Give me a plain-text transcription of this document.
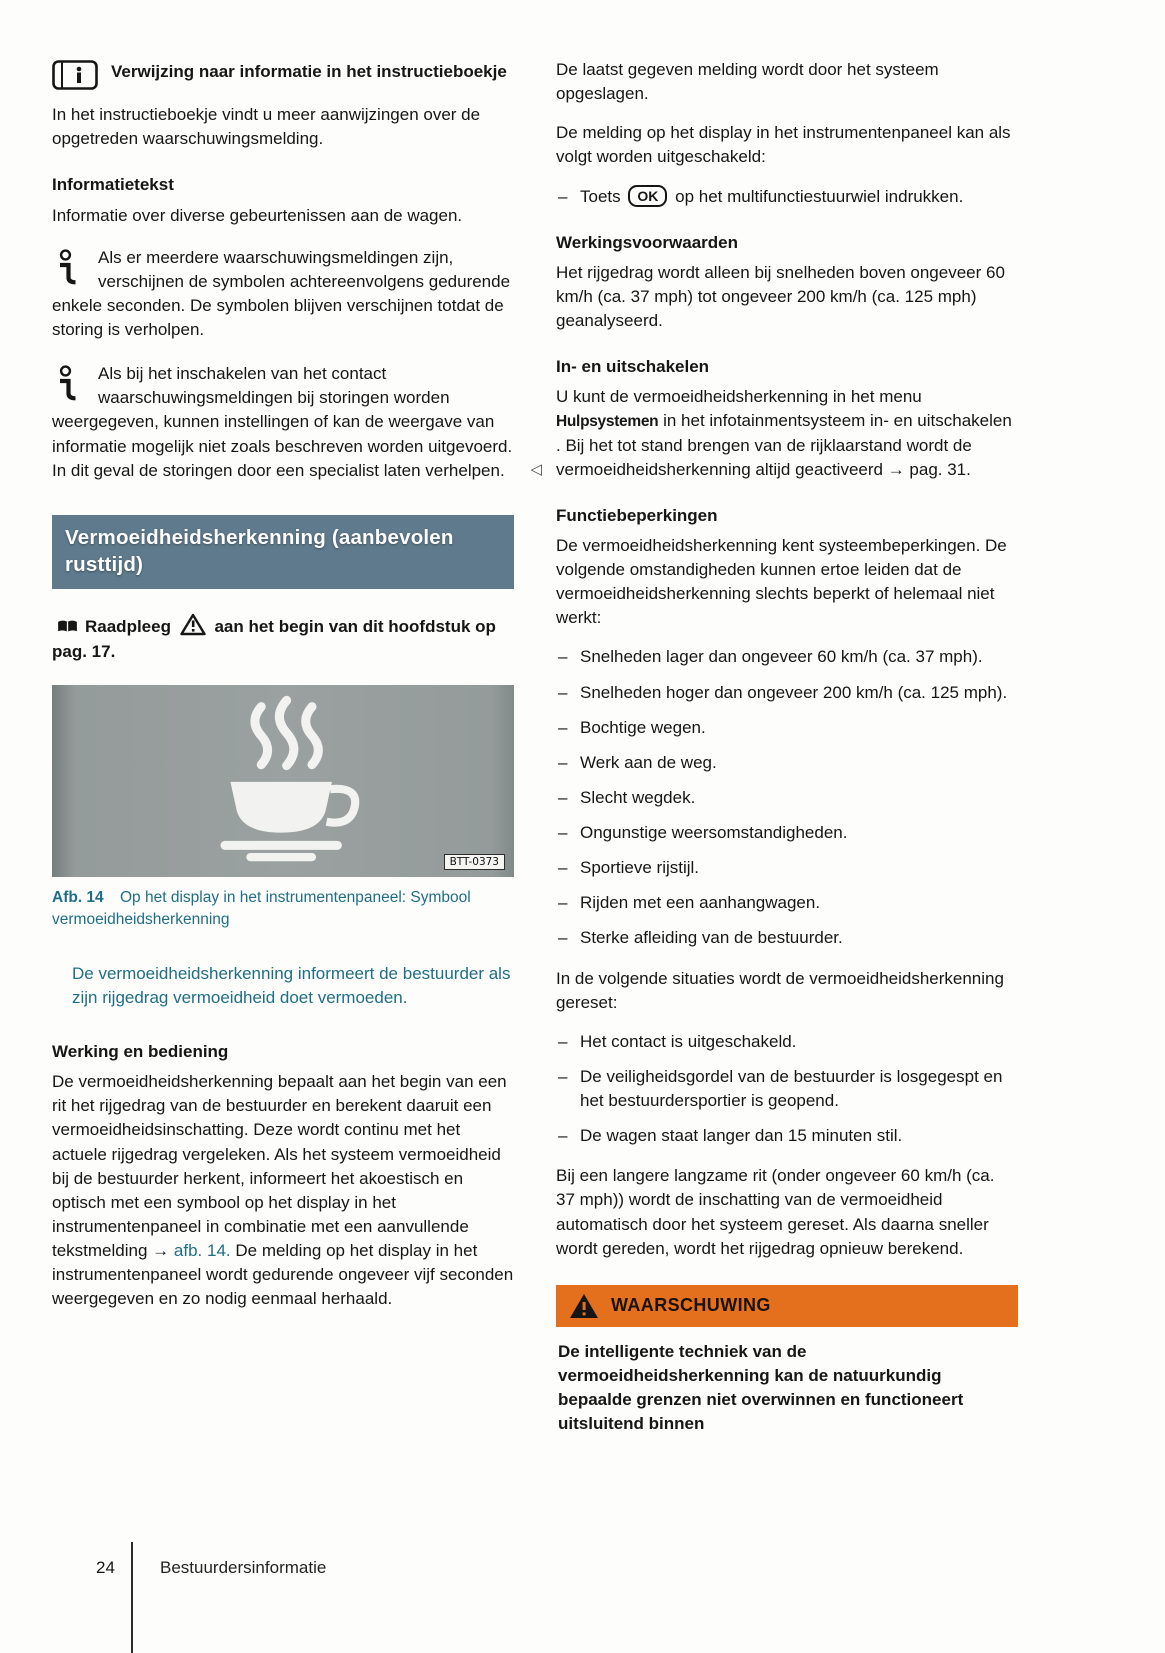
Verwijzing naar informatie in het instructieboekje

In het instructieboekje vindt u meer aanwijzingen over de opgetreden waarschuwingsmelding.

Informatietekst

Informatie over diverse gebeurtenissen aan de wagen.

Als er meerdere waarschuwingsmeldingen zijn, verschijnen de symbolen achtereenvolgens gedurende enkele seconden. De symbolen blijven verschijnen totdat de storing is verholpen.
Als bij het inschakelen van het contact waarschuwingsmeldingen bij storingen worden weergegeven, kunnen instellingen of kan de weergave van informatie mogelijk niet zoals beschreven worden uitgevoerd. In dit geval de storingen door een specialist laten verhelpen. ◁
Vermoeidheidsherkenning (aanbevolen rusttijd)

Raadpleeg	aan het begin van dit hoofdstuk op pag. 17.

BTT-0373

Afb. 14 Op het display in het instrumentenpaneel: Symbool vermoeidheidsherkenning

De vermoeidheidsherkenning informeert de bestuurder als zijn rijgedrag vermoeidheid doet vermoeden.

Werking en bediening

De vermoeidheidsherkenning bepaalt aan het begin van een rit het rijgedrag van de bestuurder en berekent daaruit een vermoeidheidsinschatting. Deze wordt continu met het actuele rijgedrag vergeleken. Als het systeem vermoeidheid bij de bestuurder herkent, informeert het akoestisch en optisch met een symbool op het display in het instrumentenpaneel in combinatie met een aanvullende tekstmelding → afb. 14. De melding op het display in het instrumentenpaneel wordt gedurende ongeveer vijf seconden weergegeven en zo nodig eenmaal herhaald.

De laatst gegeven melding wordt door het systeem opgeslagen.

De melding op het display in het instrumentenpaneel kan als volgt worden uitgeschakeld:

– Toets OK op het multifunctiestuurwiel indrukken.
Werkingsvoorwaarden

Het rijgedrag wordt alleen bij snelheden boven ongeveer 60 km/h (ca. 37 mph) tot ongeveer 200 km/h (ca. 125 mph) geanalyseerd.

In- en uitschakelen

U kunt de vermoeidheidsherkenning in het menu Hulpsystemen in het infotainmentsysteem in- en uitschakelen . Bij het tot stand brengen van de rijklaarstand wordt de vermoeidheidsherkenning altijd geactiveerd → pag. 31.

Functiebeperkingen

De vermoeidheidsherkenning kent systeembeperkingen. De volgende omstandigheden kunnen ertoe leiden dat de vermoeidheidsherkenning slechts beperkt of helemaal niet werkt:

– Snelheden lager dan ongeveer 60 km/h (ca. 37 mph).
– Snelheden hoger dan ongeveer 200 km/h (ca. 125 mph).
– Bochtige wegen.
– Werk aan de weg.
– Slecht wegdek.
– Ongunstige weersomstandigheden.
– Sportieve rijstijl.
– Rijden met een aanhangwagen.
– Sterke afleiding van de bestuurder.

In de volgende situaties wordt de vermoeidheidsherkenning gereset:

– Het contact is uitgeschakeld.
– De veiligheidsgordel van de bestuurder is losgegespt en het bestuurdersportier is geopend.
– De wagen staat langer dan 15 minuten stil.

Bij een langere langzame rit (onder ongeveer 60 km/h (ca. 37 mph)) wordt de inschatting van de vermoeidheid automatisch door het systeem gereset. Als daarna sneller wordt gereden, wordt het rijgedrag opnieuw berekend.

WAARSCHUWING

De intelligente techniek van de vermoeidheidsherkenning kan de natuurkundig bepaalde grenzen niet overwinnen en functioneert uitsluitend binnen

24	Bestuurdersinformatie
